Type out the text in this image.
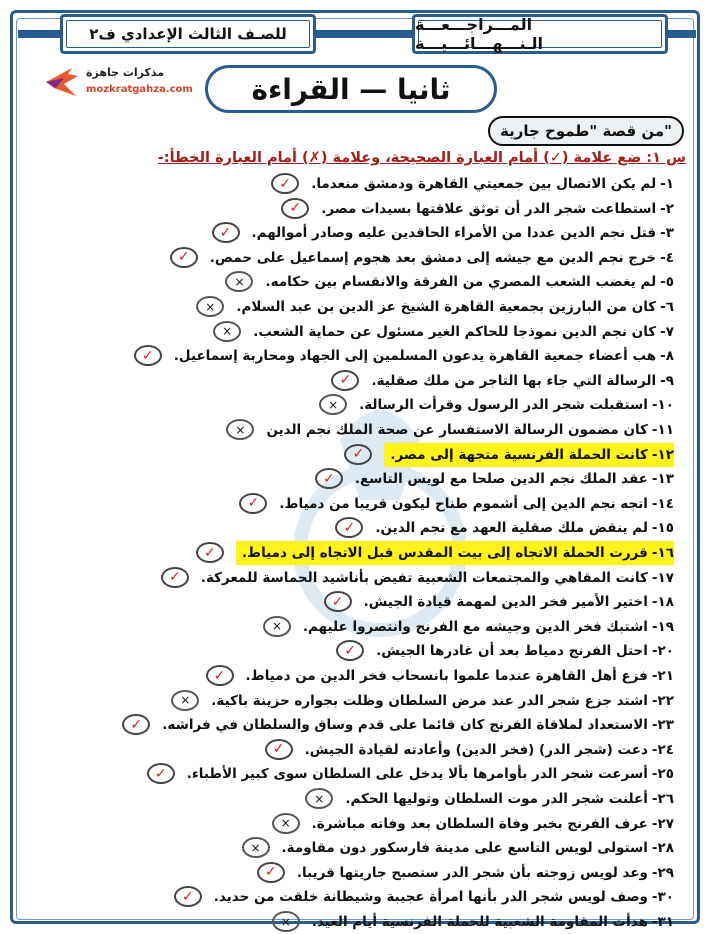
المـــراجـــعـــة الـنـــهـــائـــيـــة
للصـف الثالث الإعدادي ف٢
مذكرات جاهزة
mozkratgahza.com	ثانيا — القراءة
من قصة "طموح جارية"
س ١: ضع علامة (✓) أمام العبارة الصحيحة، وعلامة (✗) أمام العبارة الخطأ:-
١-لم يكن الاتصال بين جمعيتي القاهرة ودمشق منعدما.
✓
٢-استطاعت شجر الدر أن توثق علاقتها بسيدات مصر.
✓
٣-قتل نجم الدين عددا من الأمراء الحاقدين عليه وصادر أموالهم.
✓
٤-خرج نجم الدين مع جيشه إلى دمشق بعد هجوم إسماعيل على حمص.
✓
٥-لم يغضب الشعب المصري من الفرقة والانقسام بين حكامه.
×
٦-كان من البارزين بجمعية القاهرة الشيخ عز الدين بن عبد السلام.
×
٧-كان نجم الدين نموذجا للحاكم الغير مسئول عن حماية الشعب.
×
٨-هب أعضاء جمعية القاهرة يدعون المسلمين إلى الجهاد ومحاربة إسماعيل.
✓
٩-الرسالة التي جاء بها التاجر من ملك صقلية.
✓
١٠-استقبلت شجر الدر الرسول وقرأت الرسالة.
×
١١-كان مضمون الرسالة الاستفسار عن صحة الملك نجم الدين
×
١٢-كانت الحملة الفرنسية متجهة إلى مصر.
✓
١٣-عقد الملك نجم الدين صلحا مع لويس التاسع.
✓
١٤-اتجه نجم الدين إلى أشموم طناح ليكون قريبا من دمياط.
✓
١٥-لم ينقض ملك صقلية العهد مع نجم الدين.
✓
١٦-قررت الحملة الاتجاه إلى بيت المقدس قبل الاتجاه إلى دمياط.
✓
١٧-كانت المقاهي والمجتمعات الشعبية تفيض بأناشيد الحماسة للمعركة.
✓
١٨-اختير الأمير فخر الدين لمهمة قيادة الجيش.
✓
١٩-اشتبك فخر الدين وجيشه مع الفرنج وانتصروا عليهم.
×
٢٠-احتل الفرنج دمياط بعد أن غادرها الجيش.
✓
٢١-فزع أهل القاهرة عندما علموا بانسحاب فخر الدين من دمياط.
✓
٢٢-اشتد جزع شجر الدر عند مرض السلطان وظلت بجواره حزينة باكية.
×
٢٣-الاستعداد لملاقاة الفرنج كان قائما على قدم وساق والسلطان في فراشه.
✓
٢٤-دعت (شجر الدر) (فخر الدين) وأعادته لقيادة الجيش.
✓
٢٥-أسرعت شجر الدر بأوامرها بألا يدخل على السلطان سوى كبير الأطباء.
✓
٢٦-أعلنت شجر الدر موت السلطان وتوليها الحكم.
×
٢٧-عرف الفرنج بخبر وفاة السلطان بعد وفاته مباشرة.
×
٢٨-استولى لويس التاسع على مدينة فارسكور دون مقاومة.
×
٢٩-وعد لويس زوجته بأن شجر الدر ستصبح جاريتها قريبا.
✓
٣٠-وصف لويس شجر الدر بأنها امرأة عجيبة وشيطانة خلقت من حديد.
✓
٣١-هدأت المقاومة الشعبية للحملة الفرنسية أيام العيد.
×
